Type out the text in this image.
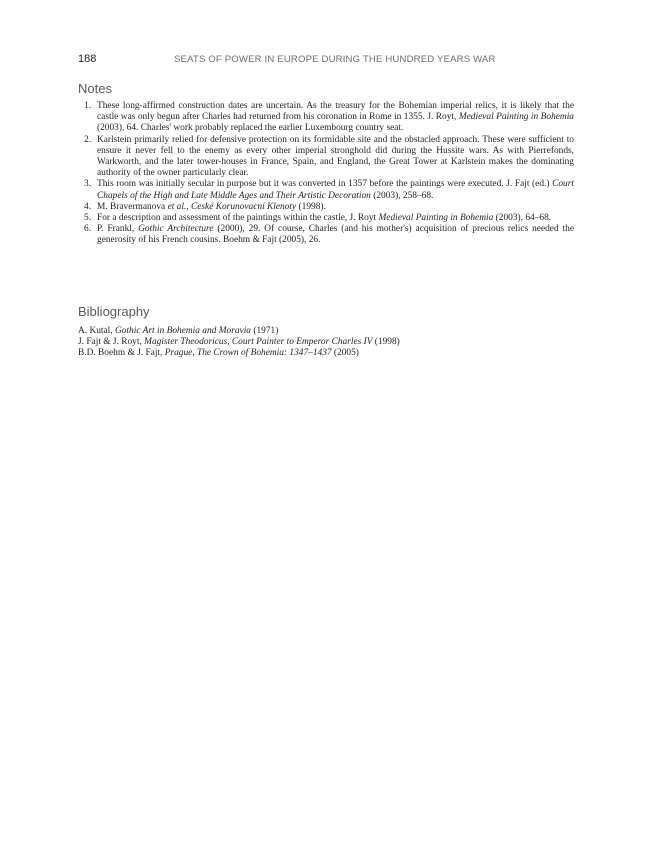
188	SEATS OF POWER IN EUROPE DURING THE HUNDRED YEARS WAR
Notes
1. These long-affirmed construction dates are uncertain. As the treasury for the Bohemian imperial relics, it is likely that the castle was only begun after Charles had returned from his coronation in Rome in 1355. J. Royt, Medieval Painting in Bohemia (2003), 64. Charles' work probably replaced the earlier Luxembourg country seat.
2. Karlstein primarily relied for defensive protection on its formidable site and the obstacled approach. These were sufficient to ensure it never fell to the enemy as every other imperial stronghold did during the Hussite wars. As with Pierrefonds, Warkworth, and the later tower-houses in France, Spain, and England, the Great Tower at Karlstein makes the dominating authority of the owner particularly clear.
3. This room was initially secular in purpose but it was converted in 1357 before the paintings were executed. J. Fajt (ed.) Court Chapels of the High and Late Middle Ages and Their Artistic Decoration (2003), 258–68.
4. M. Bravermanova et al., Ceské Korunovacní Klenoty (1998).
5. For a description and assessment of the paintings within the castle, J. Royt Medieval Painting in Bohemia (2003), 64–68.
6. P. Frankl, Gothic Architecture (2000), 29. Of course, Charles (and his mother's) acquisition of precious relics needed the generosity of his French cousins. Boehm & Fajt (2005), 26.
Bibliography
A. Kutal, Gothic Art in Bohemia and Moravia (1971)
J. Fajt & J. Royt, Magister Theodoricus, Court Painter to Emperor Charles IV (1998)
B.D. Boehm & J. Fajt, Prague, The Crown of Bohemia: 1347–1437 (2005)
